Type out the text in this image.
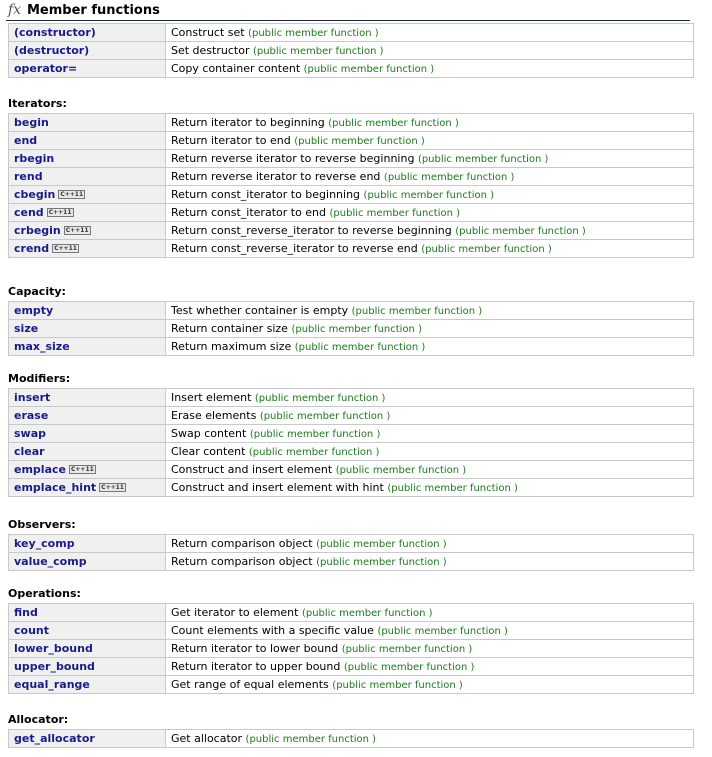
fx Member functions
(constructor)	Construct set (public member function )
(destructor)	Set destructor (public member function )
operator=	Copy container content (public member function )
Iterators:
begin	Return iterator to beginning (public member function )
end	Return iterator to end (public member function )
rbegin	Return reverse iterator to reverse beginning (public member function )
rend	Return reverse iterator to reverse end (public member function )
cbegin C++11	Return const_iterator to beginning (public member function )
cend C++11	Return const_iterator to end (public member function )
crbegin C++11	Return const_reverse_iterator to reverse beginning (public member function )
crend C++11	Return const_reverse_iterator to reverse end (public member function )
Capacity:
empty	Test whether container is empty (public member function )
size	Return container size (public member function )
max_size	Return maximum size (public member function )
Modifiers:
insert	Insert element (public member function )
erase	Erase elements (public member function )
swap	Swap content (public member function )
clear	Clear content (public member function )
emplace C++11	Construct and insert element (public member function )
emplace_hint C++11	Construct and insert element with hint (public member function )
Observers:
key_comp	Return comparison object (public member function )
value_comp	Return comparison object (public member function )
Operations:
find	Get iterator to element (public member function )
count	Count elements with a specific value (public member function )
lower_bound	Return iterator to lower bound (public member function )
upper_bound	Return iterator to upper bound (public member function )
equal_range	Get range of equal elements (public member function )
Allocator:
get_allocator	Get allocator (public member function )
